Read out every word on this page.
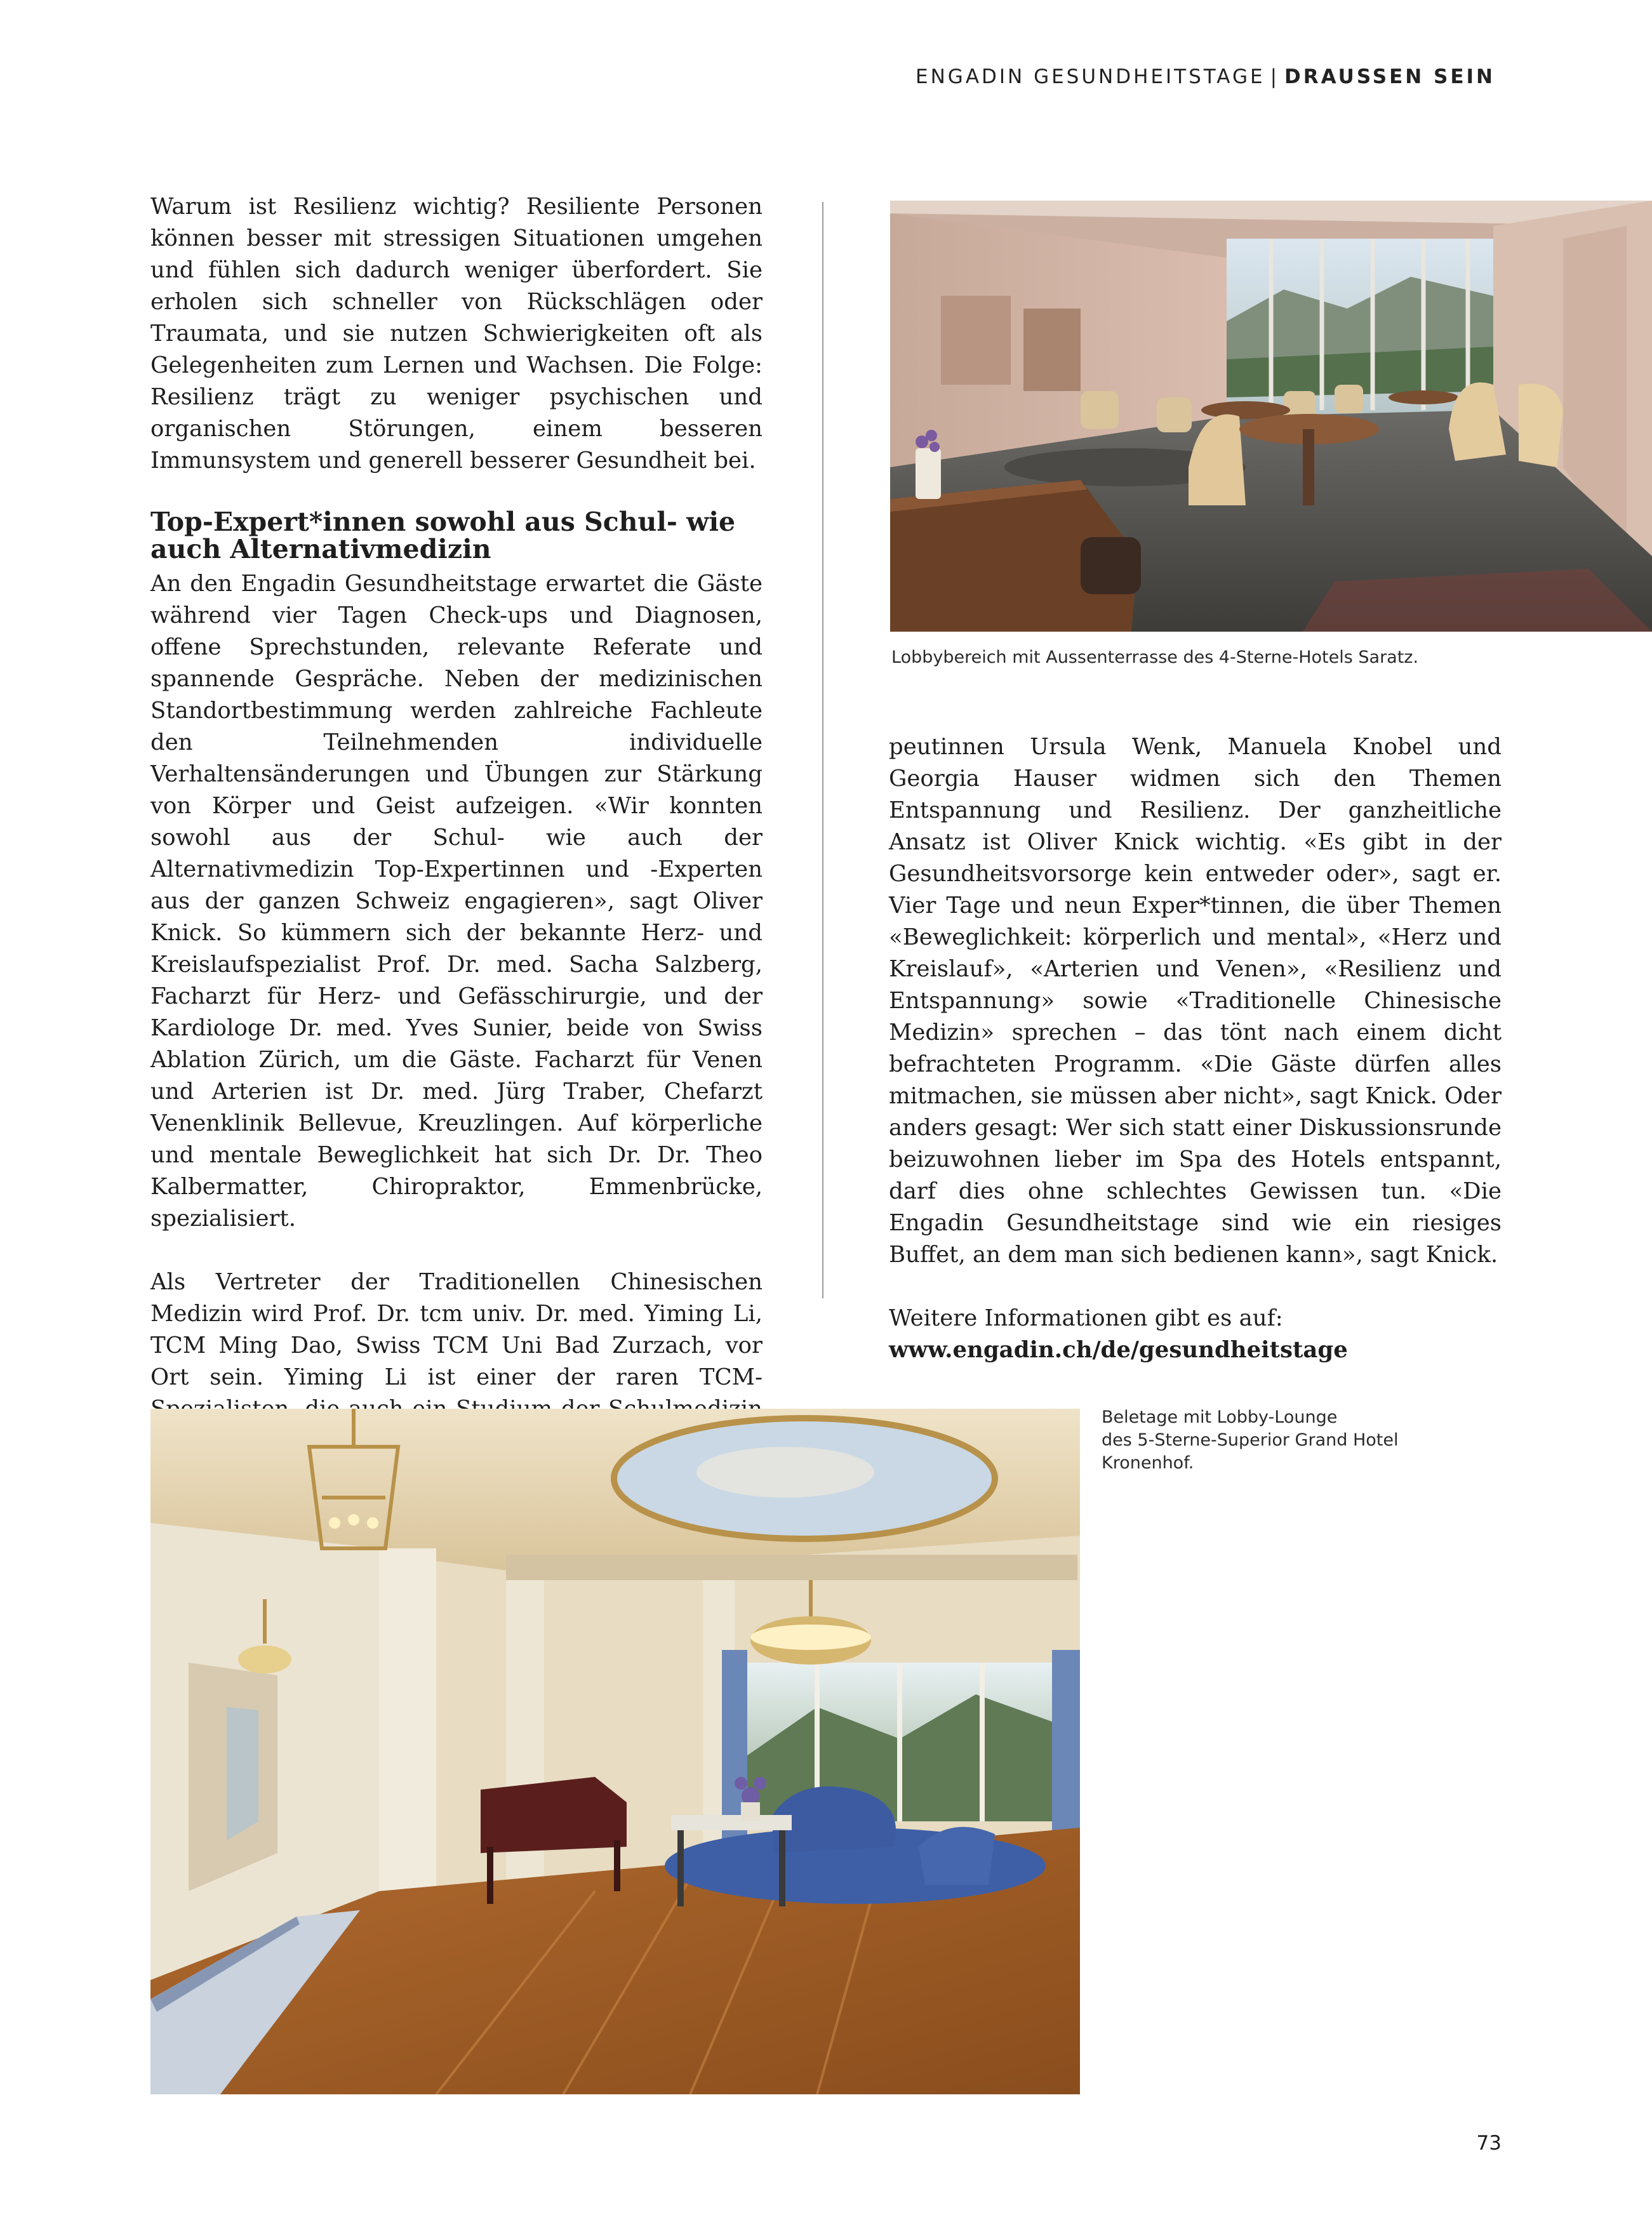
ENGADIN GESUNDHEITSTAGE | DRAUSSEN SEIN

Warum ist Resilienz wichtig? Resiliente Personen können besser mit stressigen Situationen umgehen und fühlen sich dadurch weniger überfordert. Sie erholen sich schneller von Rückschlägen oder Traumata, und sie nutzen Schwierigkeiten oft als Gelegenheiten zum Lernen und Wachsen. Die Folge: Resilienz trägt zu weniger psychischen und organischen Störungen, einem besseren Immunsystem und generell besserer Gesundheit bei.

Top-Expert*innen sowohl aus Schul- wie auch Alternativmedizin

An den Engadin Gesundheitstage erwartet die Gäste während vier Tagen Check-ups und Diagnosen, offene Sprechstunden, relevante Referate und spannende Gespräche. Neben der medizinischen Standortbestimmung werden zahlreiche Fachleute den Teilnehmenden individuelle Verhaltensänderungen und Übungen zur Stärkung von Körper und Geist aufzeigen. «Wir konnten sowohl aus der Schul- wie auch der Alternativmedizin Top-Expertinnen und -Experten aus der ganzen Schweiz engagieren», sagt Oliver Knick. So kümmern sich der bekannte Herz- und Kreislaufspezialist Prof. Dr. med. Sacha Salzberg, Facharzt für Herz- und Gefässchirurgie, und der Kardiologe Dr. med. Yves Sunier, beide von Swiss Ablation Zürich, um die Gäste. Facharzt für Venen und Arterien ist Dr. med. Jürg Traber, Chefarzt Venenklinik Bellevue, Kreuzlingen. Auf körperliche und mentale Beweglichkeit hat sich Dr. Dr. Theo Kalbermatter, Chiropraktor, Emmenbrücke, spezialisiert.

Als Vertreter der Traditionellen Chinesischen Medizin wird Prof. Dr. tcm univ. Dr. med. Yiming Li, TCM Ming Dao, Swiss TCM Uni Bad Zurzach, vor Ort sein. Yiming Li ist einer der raren TCM-

Lobbybereich mit Aussenterrasse des 4-Sterne-Hotels Saratz.

peutinnen Ursula Wenk, Manuela Knobel und Georgia Hauser widmen sich den Themen Entspannung und Resilienz. Der ganzheitliche Ansatz ist Oliver Knick wichtig. «Es gibt in der Gesundheitsvorsorge kein entweder oder», sagt er. Vier Tage und neun Exper*tinnen, die über Themen «Beweglichkeit: körperlich und mental», «Herz und Kreislauf», «Arterien und Venen», «Resilienz und Entspannung» sowie «Traditionelle Chinesische Medizin» sprechen – das tönt nach einem dicht befrachteten Programm. «Die Gäste dürfen alles mitmachen, sie müssen aber nicht», sagt Knick. Oder anders gesagt: Wer sich statt einer Diskussionsrunde beizuwohnen lieber im Spa des Hotels entspannt, darf dies ohne schlechtes Gewissen tun. «Die Engadin Gesundheitstage sind wie ein riesiges Buffet, an dem man sich bedienen kann», sagt Knick.

Weitere Informationen gibt es auf:
www.engadin.ch/de/gesundheitstage

Beletage mit Lobby-Lounge
des 5-Sterne-Superior Grand Hotel
Kronenhof.
73
